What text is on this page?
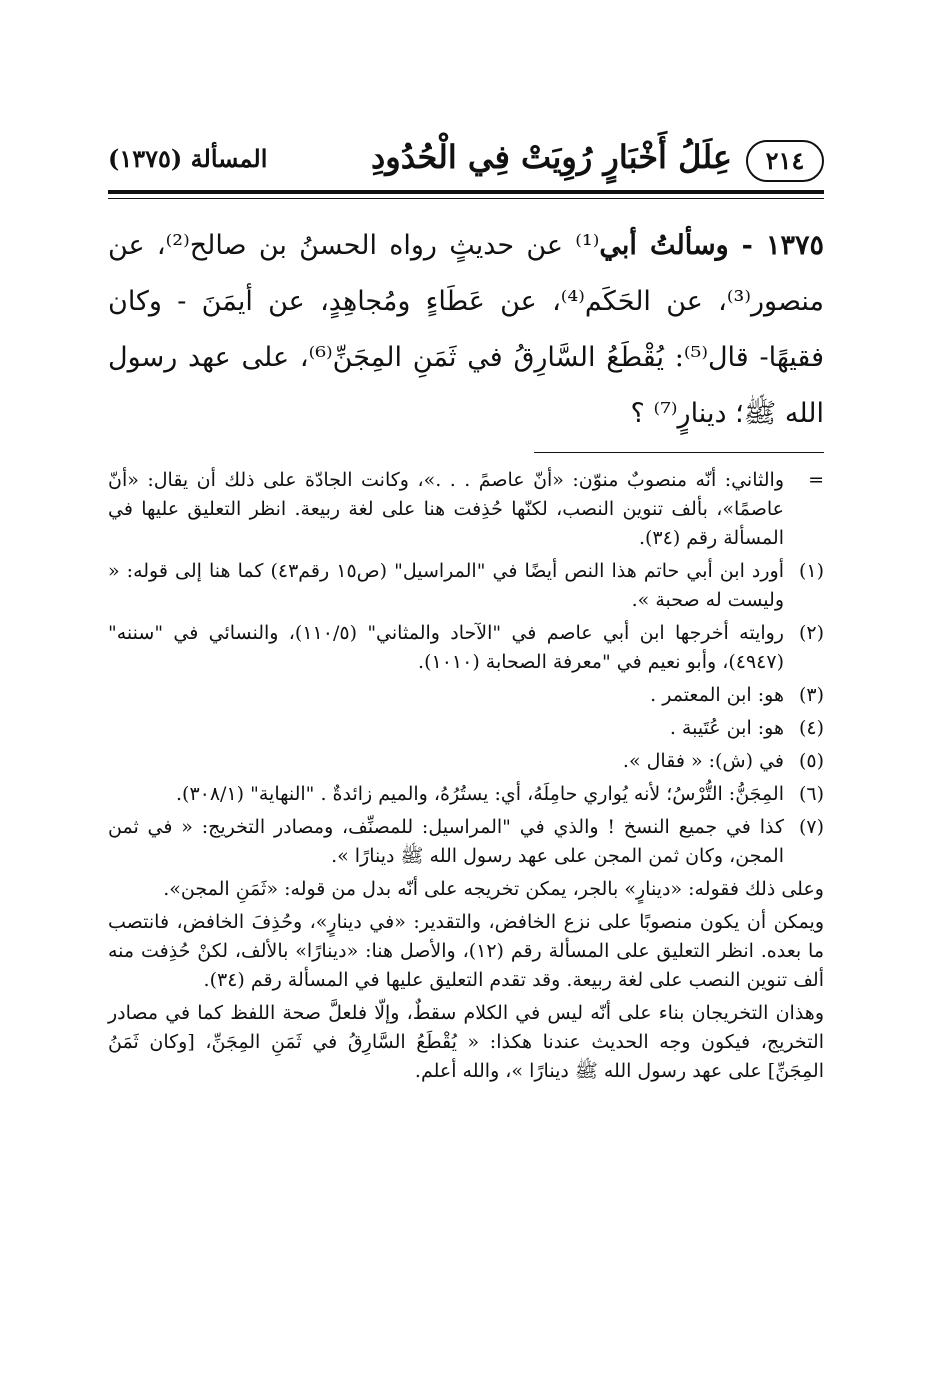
٢١٤
عِلَلُ أَخْبَارٍ رُوِيَتْ فِي الْحُدُودِ
المسألة (١٣٧٥)

١٣٧٥ - وسألتُ أبي⁽¹⁾ عن حديثٍ رواه الحسنُ بن صالح⁽²⁾، عن منصور⁽³⁾، عن الحَكَم⁽⁴⁾، عن عَطَاءٍ ومُجاهِدٍ، عن أيمَنَ - وكان فقيهًا- قال⁽⁵⁾: يُقْطَعُ السَّارِقُ في ثَمَنِ المِجَنِّ⁽⁶⁾، على عهد رسول الله ﷺ؛ دينارٍ⁽⁷⁾ ؟

=
والثاني: أنّه منصوبٌ منوّن: «أنّ عاصمً . . .»، وكانت الجادّة على ذلك أن يقال: «أنّ عاصمًا»، بألف تنوين النصب، لكنّها حُذِفت هنا على لغة ربيعة. انظر التعليق عليها في المسألة رقم (٣٤).
(١)
أورد ابن أبي حاتم هذا النص أيضًا في "المراسيل" (ص١٥ رقم٤٣) كما هنا إلى قوله: « وليست له صحبة ».
(٢)
روايته أخرجها ابن أبي عاصم في "الآحاد والمثاني" (١١٠/٥)، والنسائي في "سننه" (٤٩٤٧)، وأبو نعيم في "معرفة الصحابة (١٠١٠).
(٣)
هو: ابن المعتمر .
(٤)
هو: ابن عُتَيبة .
(٥)
في (ش): « فقال ».
(٦)
المِجَنُّ: التُّرْسُ؛ لأنه يُواري حامِلَهُ، أي: يستُرُهُ، والميم زائدةٌ . "النهاية" (٣٠٨/١).
(٧)
كذا في جميع النسخ ! والذي في "المراسيل: للمصنِّف، ومصادر التخريج: « في ثمن المجن، وكان ثمن المجن على عهد رسول الله ﷺ دينارًا ».

وعلى ذلك فقوله: «دينارٍ» بالجر، يمكن تخريجه على أنّه بدل من قوله: «ثَمَنِ المجن».

ويمكن أن يكون منصوبًا على نزع الخافض، والتقدير: «في دينارٍ»، وحُذِفَ الخافض، فانتصب ما بعده. انظر التعليق على المسألة رقم (١٢)، والأصل هنا: «دينارًا» بالألف، لكنْ حُذِفت منه ألف تنوين النصب على لغة ربيعة. وقد تقدم التعليق عليها في المسألة رقم (٣٤).

وهذان التخريجان بناء على أنّه ليس في الكلام سقطٌ، وإلّا فلعلَّ صحة اللفظ كما في مصادر التخريج، فيكون وجه الحديث عندنا هكذا: « يُقْطَعُ السَّارِقُ في ثَمَنِ المِجَنِّ، [وكان ثَمَنُ المِجَنِّ] على عهد رسول الله ﷺ دينارًا »، والله أعلم.
